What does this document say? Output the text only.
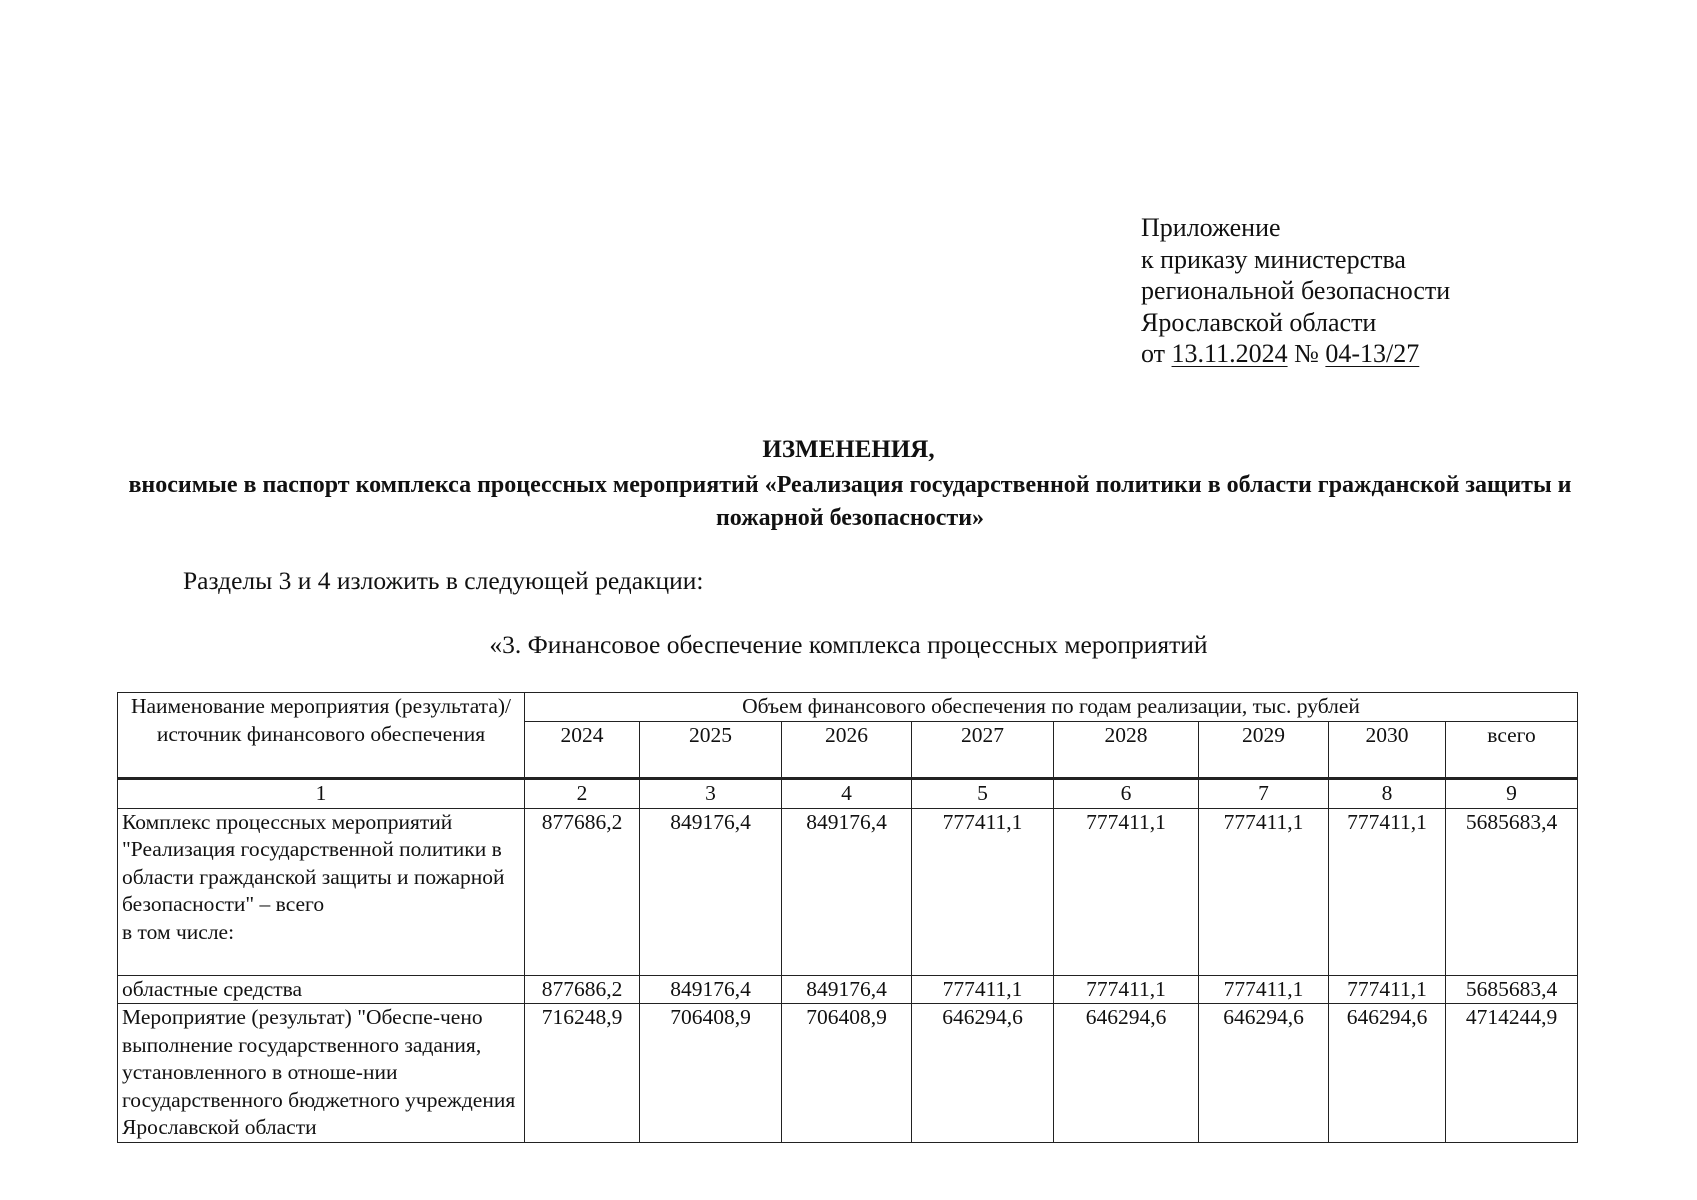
Приложение
к приказу министерства
региональной безопасности
Ярославской области
от 13.11.2024 № 04-13/27
ИЗМЕНЕНИЯ,
вносимые в паспорт комплекса процессных мероприятий «Реализация государственной политики в области гражданской защиты и пожарной безопасности»
Разделы 3 и 4 изложить в следующей редакции:
«3. Финансовое обеспечение комплекса процессных мероприятий
Наименование мероприятия (результата)/ источник финансового обеспечения	Объем финансового обеспечения по годам реализации, тыс. рублей							
	2024	2025	2026	2027	2028	2029	2030	всего
1	2	3	4	5	6	7	8	9
Комплекс процессных мероприятий "Реализация государственной политики в области гражданской защиты и пожарной безопасности" – всего
в том числе:	877686,2	849176,4	849176,4	777411,1	777411,1	777411,1	777411,1	5685683,4
областные средства	877686,2	849176,4	849176,4	777411,1	777411,1	777411,1	777411,1	5685683,4
Мероприятие (результат) "Обеспе-чено выполнение государственного задания, установленного в отноше-нии государственного бюджетного учреждения Ярославской области	716248,9	706408,9	706408,9	646294,6	646294,6	646294,6	646294,6	4714244,9
